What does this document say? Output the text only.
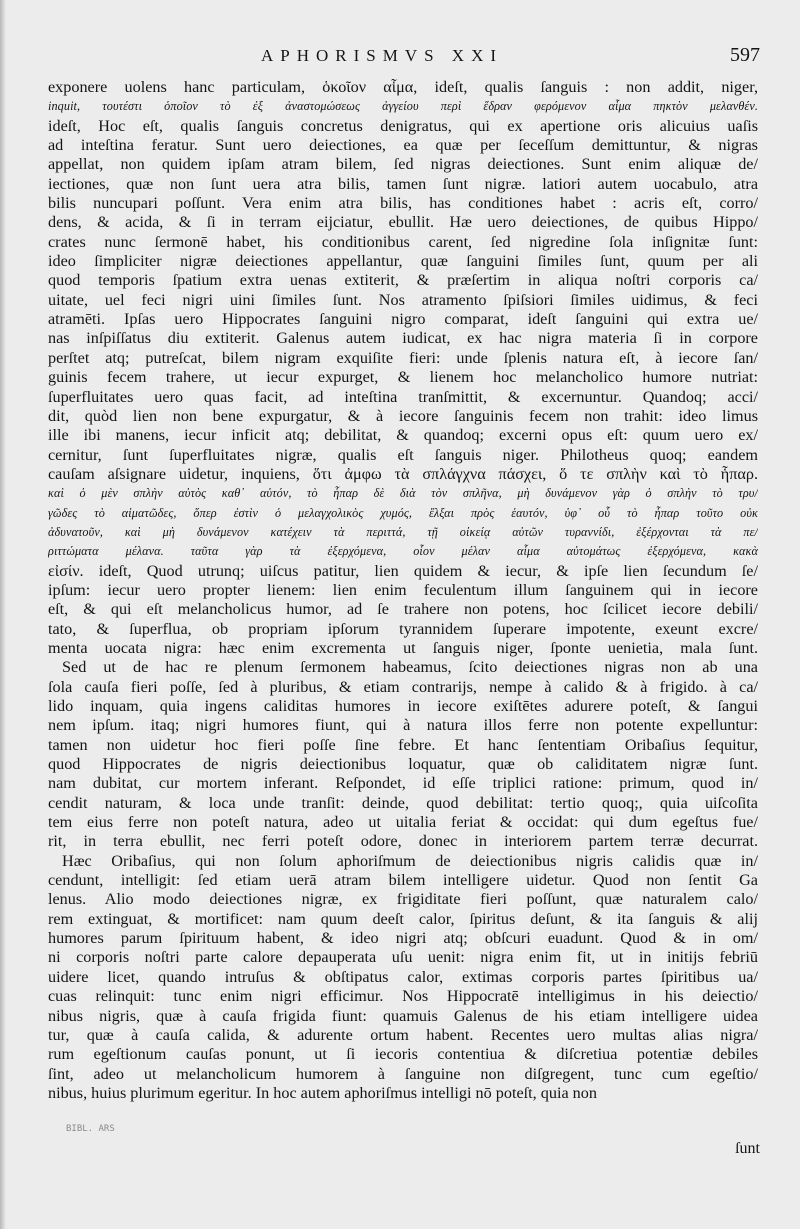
APHORISMVS XXI	597
exponere uolens hanc particulam, ὁκοῖον αἷμα, ideſt, qualis ſanguis : non addit, niger,
inquit, τουτέστι ὁποῖον τὸ ἐξ ἀναστομώσεως ἀγγείου περὶ ἕδραν φερόμενον αἷμα πηκτὸν μελανθέν.
ideſt, Hoc eſt, qualis ſanguis concretus denigratus, qui ex apertione oris alicuius uaſis
ad inteſtina feratur. Sunt uero deiectiones, ea quæ per ſeceſſum demittuntur, & nigras
appellat, non quidem ipſam atram bilem, ſed nigras deiectiones. Sunt enim aliquæ de/
iectiones, quæ non ſunt uera atra bilis, tamen ſunt nigræ. latiori autem uocabulo, atra
bilis nuncupari poſſunt. Vera enim atra bilis, has conditiones habet : acris eſt, corro/
dens, & acida, & ſi in terram eijciatur, ebullit. Hæ uero deiectiones, de quibus Hippo/
crates nunc ſermonē habet, his conditionibus carent, ſed nigredine ſola inſignitæ ſunt:
ideo ſimpliciter nigræ deiectiones appellantur, quæ ſanguini ſimiles ſunt, quum per ali
quod temporis ſpatium extra uenas extiterit, & præſertim in aliqua noſtri corporis ca/
uitate, uel feci nigri uini ſimiles ſunt. Nos atramento ſpiſsiori ſimiles uidimus, & feci
atramēti. Ipſas uero Hippocrates ſanguini nigro comparat, ideſt ſanguini qui extra ue/
nas inſpiſſatus diu extiterit. Galenus autem iudicat, ex hac nigra materia ſi in corpore
perſtet atq; putreſcat, bilem nigram exquiſite fieri: unde ſplenis natura eſt, à iecore ſan/
guinis fecem trahere, ut iecur expurget, & lienem hoc melancholico humore nutriat:
ſuperfluitates uero quas facit, ad inteſtina tranſmittit, & excernuntur. Quandoq; acci/
dit, quòd lien non bene expurgatur, & à iecore ſanguinis fecem non trahit: ideo limus
ille ibi manens, iecur inficit atq; debilitat, & quandoq; excerni opus eſt: quum uero ex/
cernitur, ſunt ſuperfluitates nigræ, qualis eſt ſanguis niger. Philotheus quoq; eandem
cauſam aſsignare uidetur, inquiens, ὅτι ἀμφω τὰ σπλάγχνα πάσχει, ὅ τε σπλὴν καὶ τὸ ἧπαρ.
καὶ ὁ μὲν σπλὴν αὐτὸς καθ᾽ αὑτόν, τὸ ἧπαρ δὲ διὰ τὸν σπλῆνα, μὴ δυνάμενον γὰρ ὁ σπλὴν τὸ τρυ/
γῶδες τὸ αἱματῶδες, ὅπερ ἐστὶν ὁ μελαγχολικὸς χυμός, ἕλξαι πρὸς ἑαυτόν, ὑφ᾽ οὗ τὸ ἧπαρ τοῦτο οὐκ
ἀδυνατοῦν, καὶ μὴ δυνάμενον κατέχειν τὰ περιττά, τῇ οἰκείᾳ αὐτῶν τυραννίδι, ἐξέρχονται τὰ πε/
ριττώματα μέλανα. ταῦτα γὰρ τὰ ἐξερχόμενα, οἷον μέλαν αἷμα αὐτομάτως ἐξερχόμενα, κακὰ
εἰσίν. ideſt, Quod utrunq; uiſcus patitur, lien quidem & iecur, & ipſe lien ſecundum ſe/
ipſum: iecur uero propter lienem: lien enim feculentum illum ſanguinem qui in iecore
eſt, & qui eſt melancholicus humor, ad ſe trahere non potens, hoc ſcilicet iecore debili/
tato, & ſuperflua, ob propriam ipſorum tyrannidem ſuperare impotente, exeunt excre/
menta uocata nigra: hæc enim excrementa ut ſanguis niger, ſponte uenietia, mala ſunt.
Sed ut de hac re plenum ſermonem habeamus, ſcito deiectiones nigras non ab una
ſola cauſa fieri poſſe, ſed à pluribus, & etiam contrarijs, nempe à calido & à frigido. à ca/
lido inquam, quia ingens caliditas humores in iecore exiſtētes adurere poteſt, & ſangui
nem ipſum. itaq; nigri humores fiunt, qui à natura illos ferre non potente expelluntur:
tamen non uidetur hoc fieri poſſe ſine febre. Et hanc ſententiam Oribaſius ſequitur,
quod Hippocrates de nigris deiectionibus loquatur, quæ ob caliditatem nigræ ſunt.
nam dubitat, cur mortem inferant. Reſpondet, id eſſe triplici ratione: primum, quod in/
cendit naturam, & loca unde tranſit: deinde, quod debilitat: tertio quoq;, quia uiſcoſita
tem eius ferre non poteſt natura, adeo ut uitalia feriat & occidat: qui dum egeſtus fue/
rit, in terra ebullit, nec ferri poteſt odore, donec in interiorem partem terræ decurrat.
Hæc Oribaſius, qui non ſolum aphoriſmum de deiectionibus nigris calidis quæ in/
cendunt, intelligit: ſed etiam uerā atram bilem intelligere uidetur. Quod non ſentit Ga
lenus. Alio modo deiectiones nigræ, ex frigiditate fieri poſſunt, quæ naturalem calo/
rem extinguat, & mortificet: nam quum deeſt calor, ſpiritus deſunt, & ita ſanguis & alij
humores parum ſpirituum habent, & ideo nigri atq; obſcuri euadunt. Quod & in om/
ni corporis noſtri parte calore depauperata uſu uenit: nigra enim fit, ut in initijs febriū
uidere licet, quando intruſus & obſtipatus calor, extimas corporis partes ſpiritibus ua/
cuas relinquit: tunc enim nigri efficimur. Nos Hippocratē intelligimus in his deiectio/
nibus nigris, quæ à cauſa frigida fiunt: quamuis Galenus de his etiam intelligere uidea
tur, quæ à cauſa calida, & adurente ortum habent. Recentes uero multas alias nigra/
rum egeſtionum cauſas ponunt, ut ſi iecoris contentiua & diſcretiua potentiæ debiles
ſint, adeo ut melancholicum humorem à ſanguine non diſgregent, tunc cum egeſtio/
nibus, huius plurimum egeritur. In hoc autem aphoriſmus intelligi nō poteſt, quia non
ſunt
BIBL. ARS
